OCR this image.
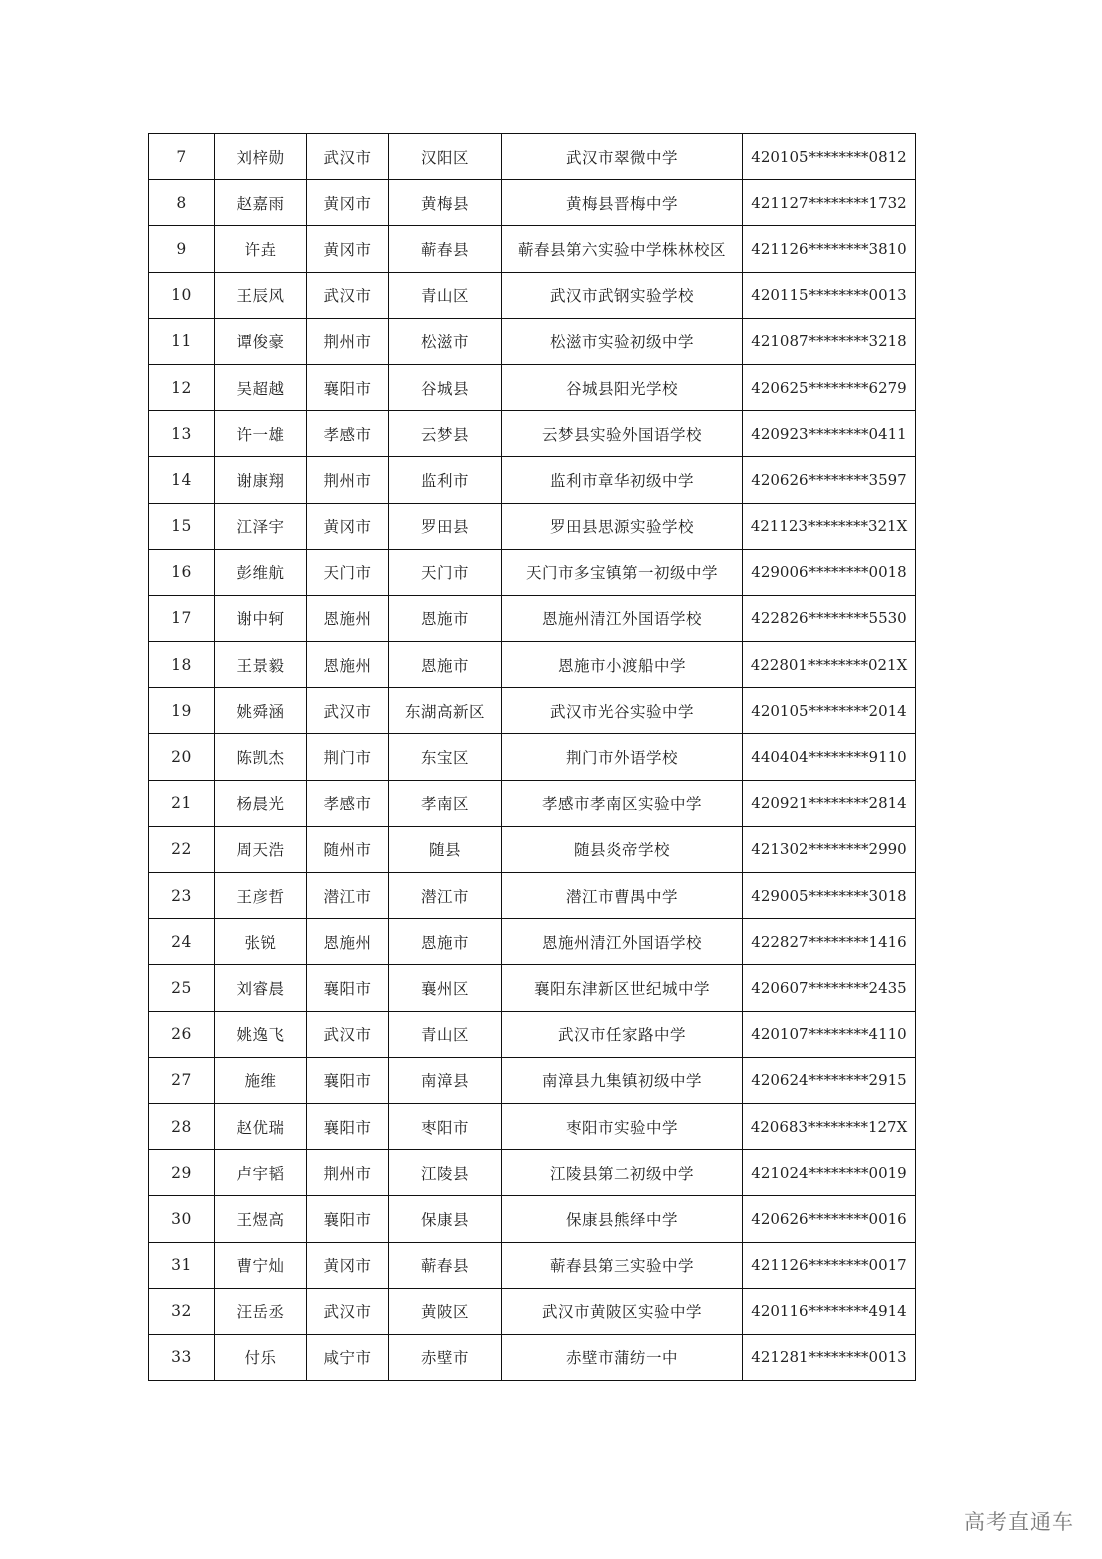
7	刘梓勋	武汉市	汉阳区	武汉市翠微中学	420105********0812
8	赵嘉雨	黄冈市	黄梅县	黄梅县晋梅中学	421127********1732
9	许垚	黄冈市	蕲春县	蕲春县第六实验中学株林校区	421126********3810
10	王辰风	武汉市	青山区	武汉市武钢实验学校	420115********0013
11	谭俊豪	荆州市	松滋市	松滋市实验初级中学	421087********3218
12	吴超越	襄阳市	谷城县	谷城县阳光学校	420625********6279
13	许一雄	孝感市	云梦县	云梦县实验外国语学校	420923********0411
14	谢康翔	荆州市	监利市	监利市章华初级中学	420626********3597
15	江泽宇	黄冈市	罗田县	罗田县思源实验学校	421123********321X
16	彭维航	天门市	天门市	天门市多宝镇第一初级中学	429006********0018
17	谢中轲	恩施州	恩施市	恩施州清江外国语学校	422826********5530
18	王景毅	恩施州	恩施市	恩施市小渡船中学	422801********021X
19	姚舜涵	武汉市	东湖高新区	武汉市光谷实验中学	420105********2014
20	陈凯杰	荆门市	东宝区	荆门市外语学校	440404********9110
21	杨晨光	孝感市	孝南区	孝感市孝南区实验中学	420921********2814
22	周天浩	随州市	随县	随县炎帝学校	421302********2990
23	王彦哲	潜江市	潜江市	潜江市曹禺中学	429005********3018
24	张锐	恩施州	恩施市	恩施州清江外国语学校	422827********1416
25	刘睿晨	襄阳市	襄州区	襄阳东津新区世纪城中学	420607********2435
26	姚逸飞	武汉市	青山区	武汉市任家路中学	420107********4110
27	施维	襄阳市	南漳县	南漳县九集镇初级中学	420624********2915
28	赵优瑞	襄阳市	枣阳市	枣阳市实验中学	420683********127X
29	卢宇韬	荆州市	江陵县	江陵县第二初级中学	421024********0019
30	王煜高	襄阳市	保康县	保康县熊绎中学	420626********0016
31	曹宁灿	黄冈市	蕲春县	蕲春县第三实验中学	421126********0017
32	汪岳丞	武汉市	黄陂区	武汉市黄陂区实验中学	420116********4914
33	付乐	咸宁市	赤壁市	赤壁市蒲纺一中	421281********0013
高考直通车
